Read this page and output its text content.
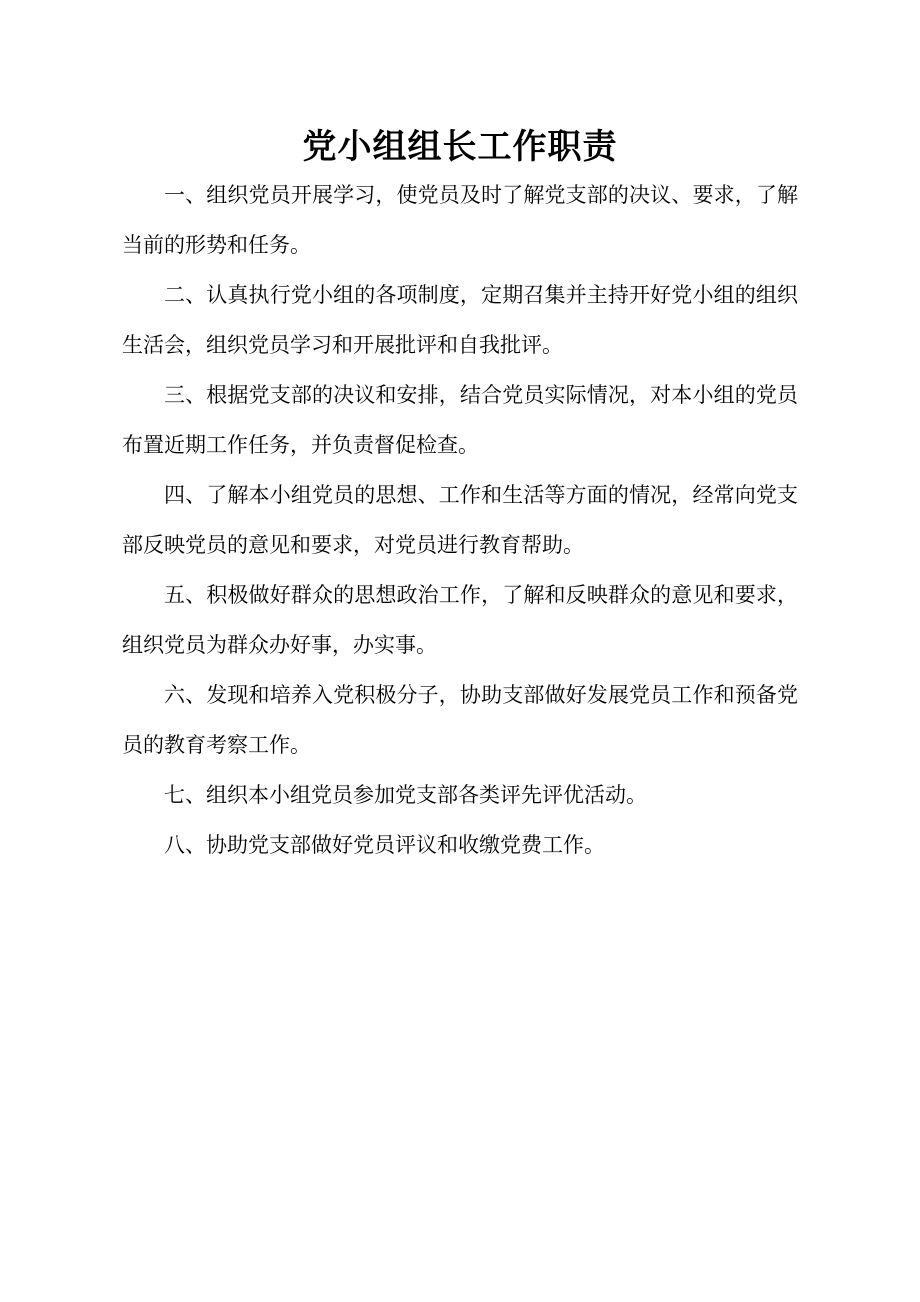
党小组组长工作职责

一、组织党员开展学习，使党员及时了解党支部的决议、要求，了解当前的形势和任务。

二、认真执行党小组的各项制度，定期召集并主持开好党小组的组织生活会，组织党员学习和开展批评和自我批评。

三、根据党支部的决议和安排，结合党员实际情况，对本小组的党员布置近期工作任务，并负责督促检查。

四、了解本小组党员的思想、工作和生活等方面的情况，经常向党支部反映党员的意见和要求，对党员进行教育帮助。

五、积极做好群众的思想政治工作，了解和反映群众的意见和要求，组织党员为群众办好事，办实事。

六、发现和培养入党积极分子，协助支部做好发展党员工作和预备党员的教育考察工作。

七、组织本小组党员参加党支部各类评先评优活动。

八、协助党支部做好党员评议和收缴党费工作。
